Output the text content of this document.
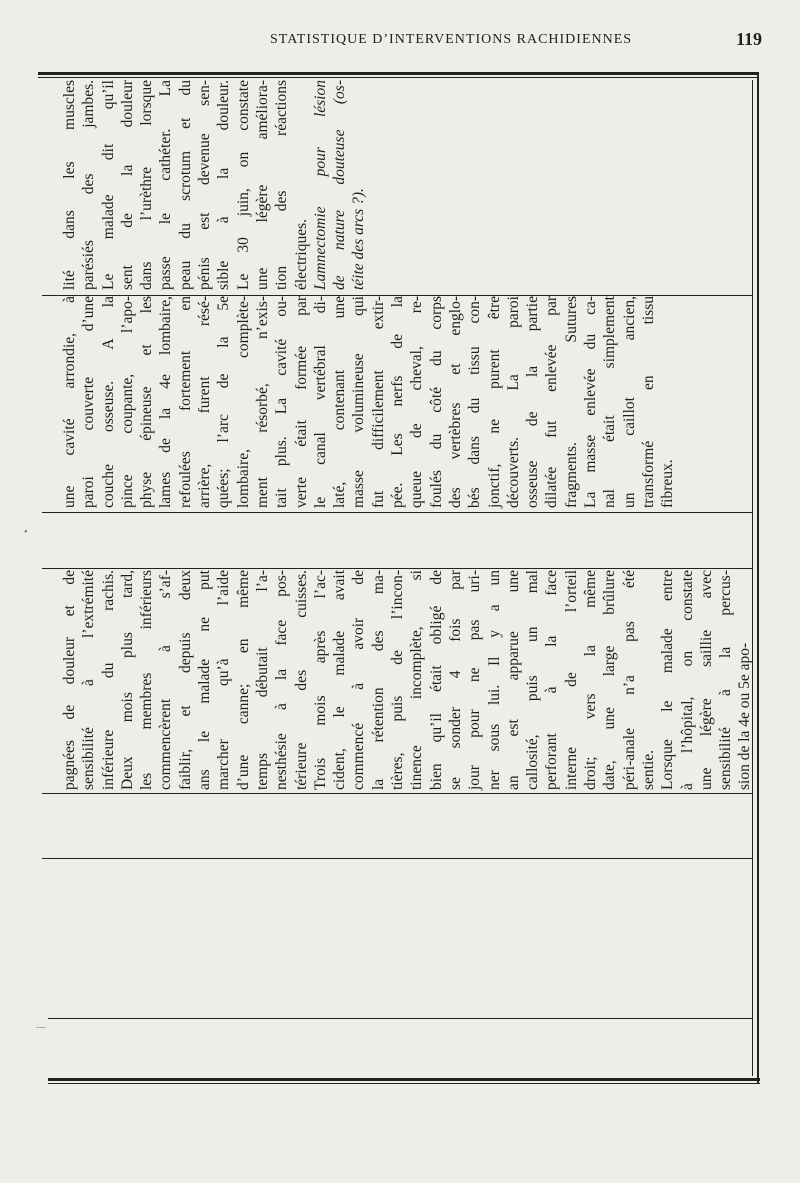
STATISTIQUE D’INTERVENTIONS RACHIDIENNES	119
pagnées de douleur et de sensibilité à l’extrémité inférieure du rachis. Deux mois plus tard, les membres inférieurs commencèrent à s’af- faiblir, et depuis deux ans le malade ne put marcher qu’à l’aide d’une canne; en même temps débutait l’a- nesthésie à la face pos- térieure des cuisses. Trois mois après l’ac- cident, le malade avait commencé à avoir de la rétention des ma- tières, puis de l’incon- tinence incomplète, si bien qu’il était obligé de se sonder 4 fois par jour pour ne pas uri- ner sous lui. Il y a un an est apparue une callosité, puis un mal perforant à la face interne de l’orteil droit; vers la même date, une large brûlure péri-anale n’a pas été sentie. Lorsque le malade entre à l’hôpital, on constate une légère saillie avec sensibilité à la percus- sion de la 4e ou 5e apo-
une cavité arrondie, à paroi couverte d’une couche osseuse. A la pince coupante, l’apo- physe épineuse et les lames de la 4e lombaire, refoulées fortement en arrière, furent résé- quées; l’arc de la 5e lombaire, complète- ment résorbé, n’exis- tait plus. La cavité ou- verte était formée par le canal vertébral di- laté, contenant une masse volumineuse qui fut difficilement extir- pée. Les nerfs de la queue de cheval, re- foulés du côté du corps des vertèbres et englo- bés dans du tissu con- jonctif, ne purent être découverts. La paroi osseuse de la partie dilatée fut enlevée par fragments. Sutures La masse enlevée du ca- nal était simplement un caillot ancien, transformé en tissu fibreux.
lité dans les muscles parésiés des jambes. Le malade dit qu’il sent de la douleur dans l’urèthre lorsque passe le cathéter. La peau du scrotum et du pénis est devenue sen- sible à la douleur. Le 30 juin, on constate une légère améliora- tion des réactions électriques. Lamnectomie pour lésion de nature douteuse (os- téite des arcs ?).
•
—
